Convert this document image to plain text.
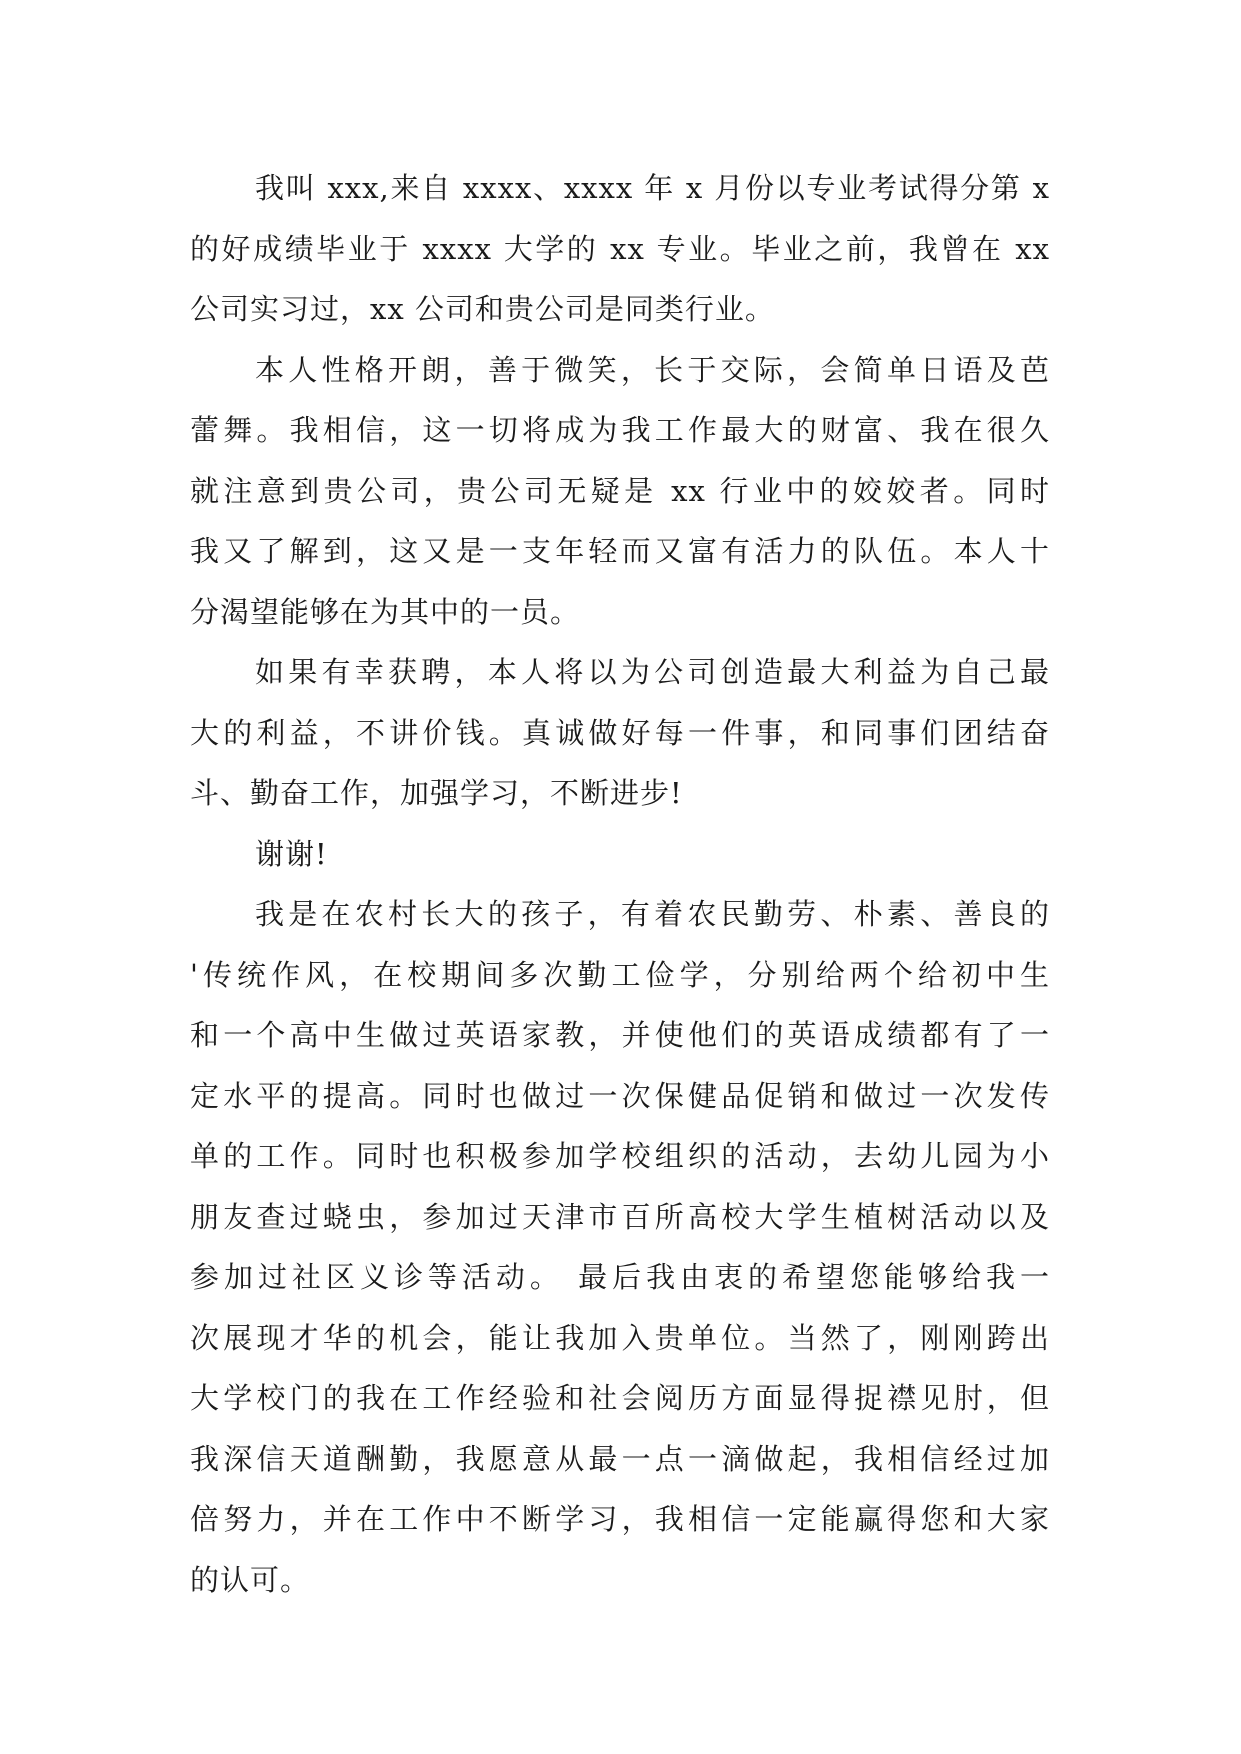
我叫 xxx,来自 xxxx、xxxx 年 x 月份以专业考试得分第 x
的好成绩毕业于 xxxx 大学的 xx 专业。毕业之前，我曾在 xx
公司实习过，xx 公司和贵公司是同类行业。
本人性格开朗，善于微笑，长于交际，会简单日语及芭
蕾舞。我相信，这一切将成为我工作最大的财富、我在很久
就注意到贵公司，贵公司无疑是 xx 行业中的姣姣者。同时
我又了解到，这又是一支年轻而又富有活力的队伍。本人十
分渴望能够在为其中的一员。
如果有幸获聘，本人将以为公司创造最大利益为自己最
大的利益，不讲价钱。真诚做好每一件事，和同事们团结奋
斗、勤奋工作，加强学习，不断进步!
谢谢!
我是在农村长大的孩子，有着农民勤劳、朴素、善良的
'传统作风，在校期间多次勤工俭学，分别给两个给初中生
和一个高中生做过英语家教，并使他们的英语成绩都有了一
定水平的提高。同时也做过一次保健品促销和做过一次发传
单的工作。同时也积极参加学校组织的活动，去幼儿园为小
朋友查过蛲虫，参加过天津市百所高校大学生植树活动以及
参加过社区义诊等活动。 最后我由衷的希望您能够给我一
次展现才华的机会，能让我加入贵单位。当然了，刚刚跨出
大学校门的我在工作经验和社会阅历方面显得捉襟见肘，但
我深信天道酬勤，我愿意从最一点一滴做起，我相信经过加
倍努力，并在工作中不断学习，我相信一定能赢得您和大家
的认可。
